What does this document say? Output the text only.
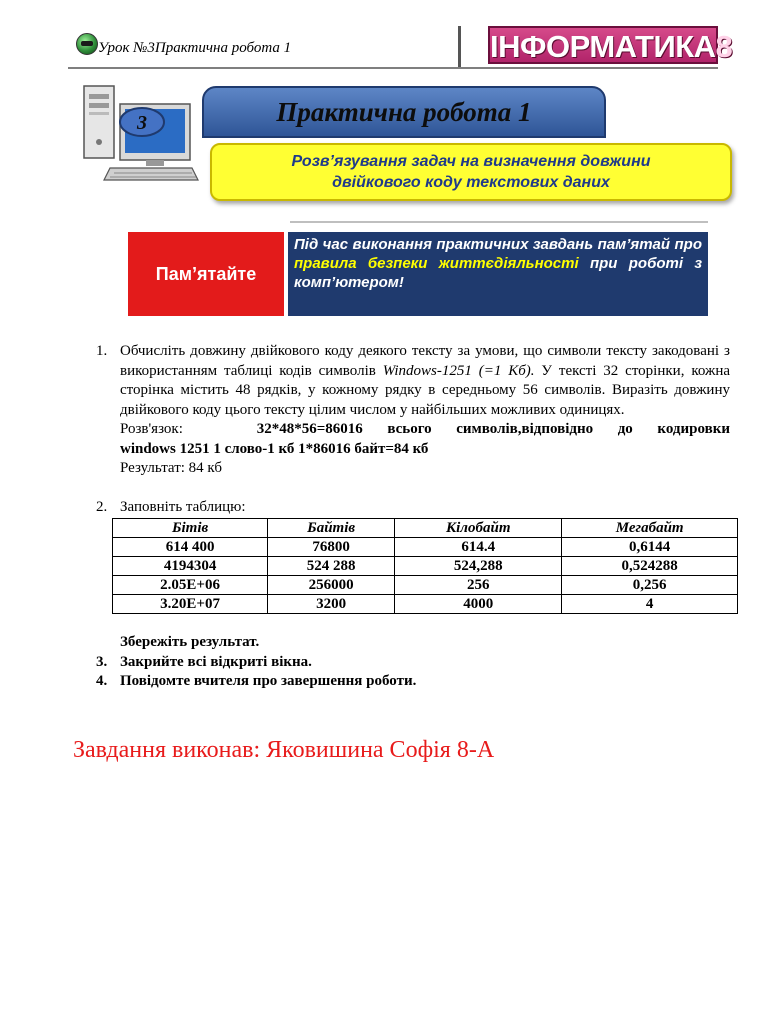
Урок №3Практична робота 1	ІНФОРМАТИКА8
3	Практична робота 1
Розв’язування задач на визначення довжини
двійкового коду текстових даних
Пам’ятайте
Під час виконання практичних завдань пам’ятай про правила безпеки життєдіяльності при роботі з комп’ютером!
1. Обчисліть довжину двійкового коду деякого тексту за умови, що символи тексту закодовані з використанням таблиці кодів символів Windows-1251 (=1 Кб). У тексті 32 сторінки, кожна сторінка містить 48 рядків, у кожному рядку в середньому 56 символів. Виразіть довжину двійкового коду цього тексту цілим числом у найбільших можливих одиницях.
Розв'язок:	32*48*56=86016 всього символів,відповідно до кодировки
windows 1251 1 слово-1 кб 1*86016 байт=84 кб
Результат: 84 кб
2. Заповніть таблицю:
Бітів	Байтів	Кілобайт	Мегабайт
614 400	76800	614.4	0,6144
4194304	524 288	524,288	0,524288
2.05E+06	256000	256	0,256
3.20E+07	3200	4000	4
Збережіть результат.
3. Закрийте всі відкриті вікна.
4. Повідомте вчителя про завершення роботи.
Завдання виконав: Яковишина Софія 8-А
